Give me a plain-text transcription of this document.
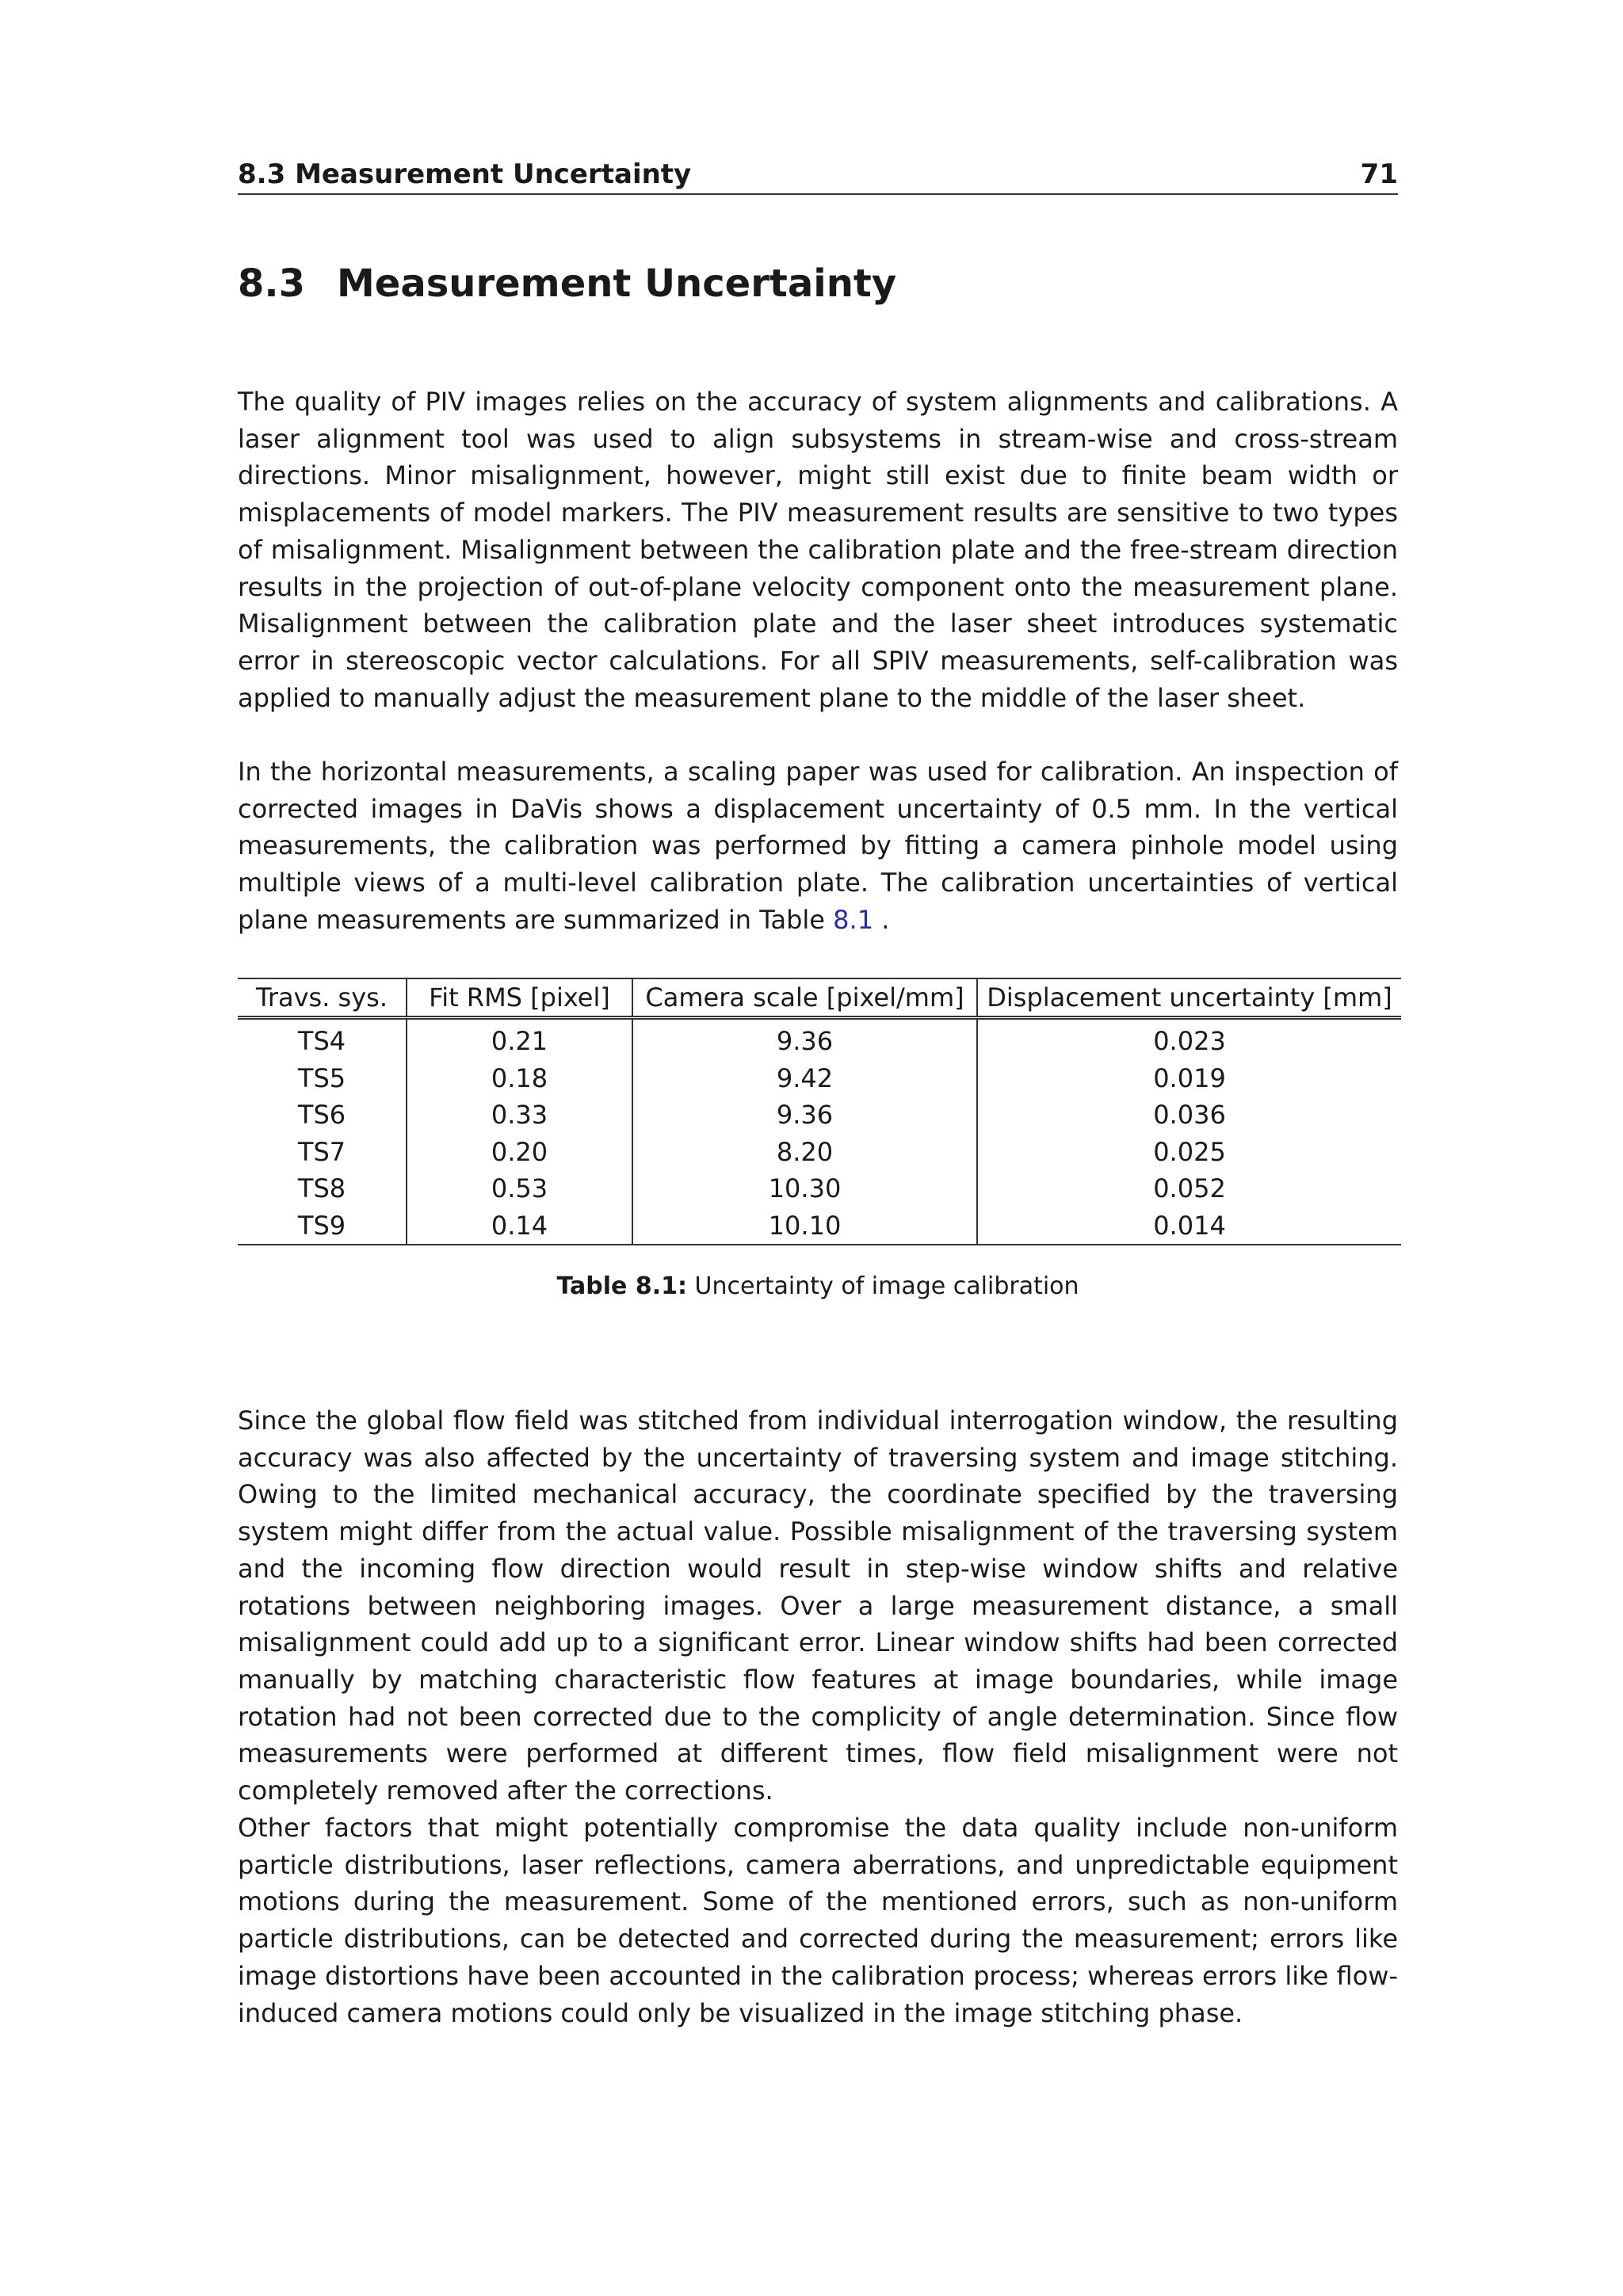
8.3 Measurement Uncertainty	71
8.3 Measurement Uncertainty

The quality of PIV images relies on the accuracy of system alignments and calibrations. A laser alignment tool was used to align subsystems in stream-wise and cross-stream directions. Minor misalignment, however, might still exist due to finite beam width or misplacements of model markers. The PIV measurement results are sensitive to two types of misalignment. Misalignment between the calibration plate and the free-stream direction results in the projection of out-of-plane velocity component onto the measurement plane. Misalignment between the calibration plate and the laser sheet introduces systematic error in stereoscopic vector calculations. For all SPIV measurements, self-calibration was applied to manually adjust the measurement plane to the middle of the laser sheet.

In the horizontal measurements, a scaling paper was used for calibration. An inspection of corrected images in DaVis shows a displacement uncertainty of 0.5 mm. In the vertical measurements, the calibration was performed by fitting a camera pinhole model using multiple views of a multi-level calibration plate. The calibration uncertainties of vertical plane measurements are summarized in Table 8.1 .

Travs. sys.	Fit RMS [pixel]	Camera scale [pixel/mm]	Displacement uncertainty [mm]
TS4	0.21	9.36	0.023
TS5	0.18	9.42	0.019
TS6	0.33	9.36	0.036
TS7	0.20	8.20	0.025
TS8	0.53	10.30	0.052
TS9	0.14	10.10	0.014
Table 8.1: Uncertainty of image calibration

Since the global flow field was stitched from individual interrogation window, the resulting accuracy was also affected by the uncertainty of traversing system and image stitching. Owing to the limited mechanical accuracy, the coordinate specified by the traversing system might differ from the actual value. Possible misalignment of the traversing system and the incoming flow direction would result in step-wise window shifts and relative rotations between neighboring images. Over a large measurement distance, a small misalignment could add up to a significant error. Linear window shifts had been corrected manually by matching characteristic flow features at image boundaries, while image rotation had not been corrected due to the complicity of angle determination. Since flow measurements were performed at different times, flow field misalignment were not completely removed after the corrections.

Other factors that might potentially compromise the data quality include non-uniform particle distributions, laser reflections, camera aberrations, and unpredictable equipment motions during the measurement. Some of the mentioned errors, such as non-uniform particle distributions, can be detected and corrected during the measurement; errors like image distortions have been accounted in the calibration process; whereas errors like flow-induced camera motions could only be visualized in the image stitching phase.
